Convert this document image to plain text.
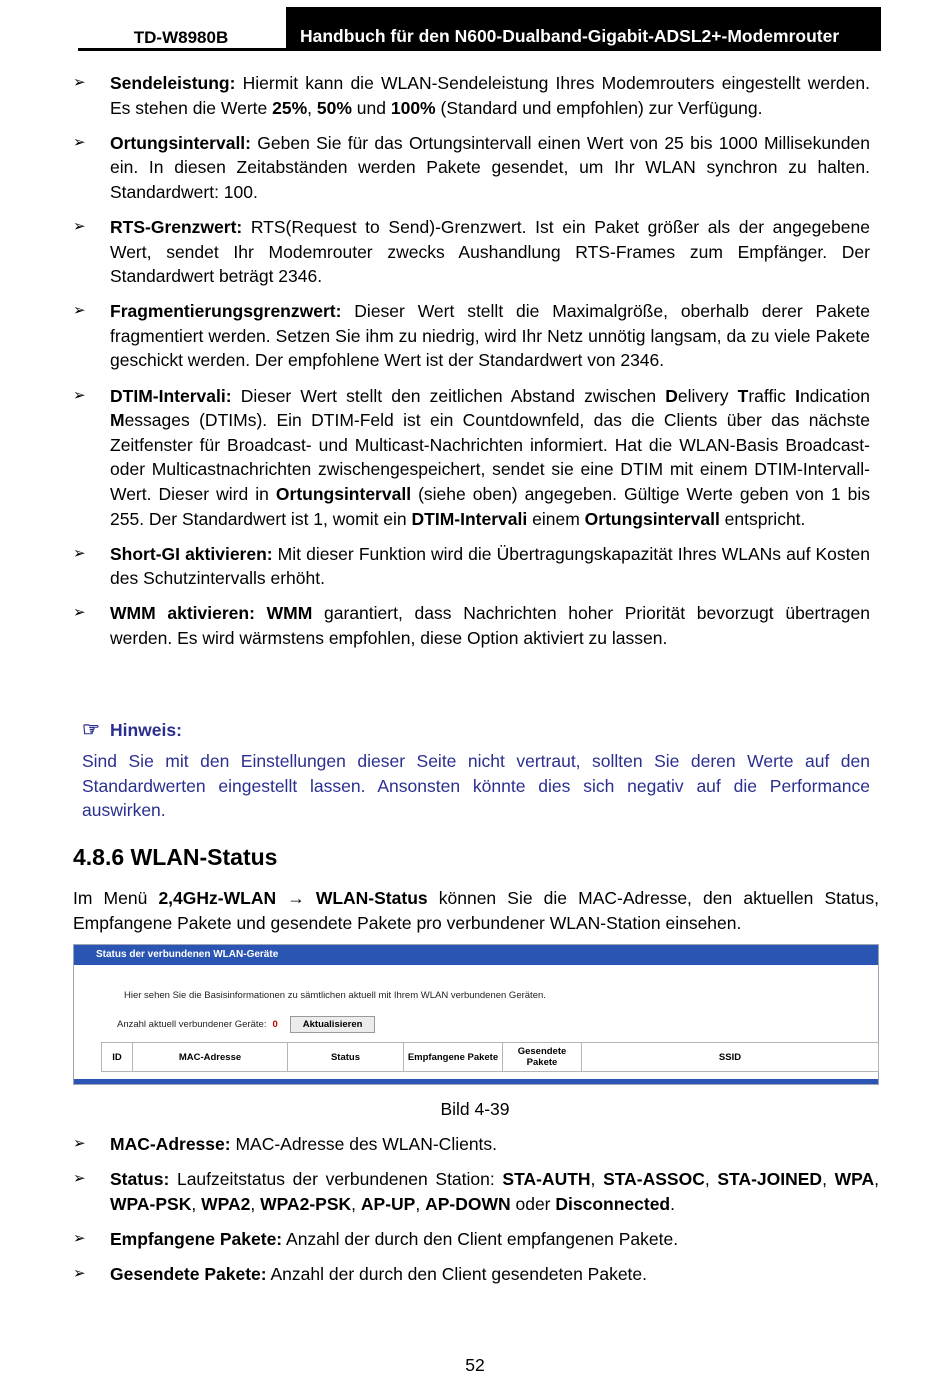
TD-W8980B	Handbuch für den N600-Dualband-Gigabit-ADSL2+-Modemrouter
➢ Sendeleistung: Hiermit kann die WLAN-Sendeleistung Ihres Modemrouters eingestellt werden. Es stehen die Werte 25%, 50% und 100% (Standard und empfohlen) zur Verfügung.
➢ Ortungsintervall: Geben Sie für das Ortungsintervall einen Wert von 25 bis 1000 Millisekunden ein. In diesen Zeitabständen werden Pakete gesendet, um Ihr WLAN synchron zu halten. Standardwert: 100.
➢ RTS-Grenzwert: RTS(Request to Send)-Grenzwert. Ist ein Paket größer als der angegebene Wert, sendet Ihr Modemrouter zwecks Aushandlung RTS-Frames zum Empfänger. Der Standardwert beträgt 2346.
➢ Fragmentierungsgrenzwert: Dieser Wert stellt die Maximalgröße, oberhalb derer Pakete fragmentiert werden. Setzen Sie ihm zu niedrig, wird Ihr Netz unnötig langsam, da zu viele Pakete geschickt werden. Der empfohlene Wert ist der Standardwert von 2346.
➢ DTIM-Intervali: Dieser Wert stellt den zeitlichen Abstand zwischen Delivery Traffic Indication Messages (DTIMs). Ein DTIM-Feld ist ein Countdownfeld, das die Clients über das nächste Zeitfenster für Broadcast- und Multicast-Nachrichten informiert. Hat die WLAN-Basis Broadcast- oder Multicastnachrichten zwischengespeichert, sendet sie eine DTIM mit einem DTIM-Intervall-Wert. Dieser wird in Ortungsintervall (siehe oben) angegeben. Gültige Werte geben von 1 bis 255. Der Standardwert ist 1, womit ein DTIM-Intervali einem Ortungsintervall entspricht.
➢ Short-GI aktivieren: Mit dieser Funktion wird die Übertragungskapazität Ihres WLANs auf Kosten des Schutzintervalls erhöht.
➢ WMM aktivieren: WMM garantiert, dass Nachrichten hoher Priorität bevorzugt übertragen werden. Es wird wärmstens empfohlen, diese Option aktiviert zu lassen.
☞ Hinweis:
Sind Sie mit den Einstellungen dieser Seite nicht vertraut, sollten Sie deren Werte auf den Standardwerten eingestellt lassen. Ansonsten könnte dies sich negativ auf die Performance auswirken.
4.8.6 WLAN-Status
Im Menü 2,4GHz-WLAN → WLAN-Status können Sie die MAC-Adresse, den aktuellen Status, Empfangene Pakete und gesendete Pakete pro verbundener WLAN-Station einsehen.
Status der verbundenen WLAN-Geräte
Hier sehen Sie die Basisinformationen zu sämtlichen aktuell mit Ihrem WLAN verbundenen Geräten.
Anzahl aktuell verbundener Geräte: 0	Aktualisieren
ID	MAC-Adresse	Status	Empfangene Pakete	Gesendete Pakete	SSID
Bild 4-39
➢ MAC-Adresse: MAC-Adresse des WLAN-Clients.
➢ Status: Laufzeitstatus der verbundenen Station: STA-AUTH, STA-ASSOC, STA-JOINED, WPA, WPA-PSK, WPA2, WPA2-PSK, AP-UP, AP-DOWN oder Disconnected.
➢ Empfangene Pakete: Anzahl der durch den Client empfangenen Pakete.
➢ Gesendete Pakete: Anzahl der durch den Client gesendeten Pakete.
52
